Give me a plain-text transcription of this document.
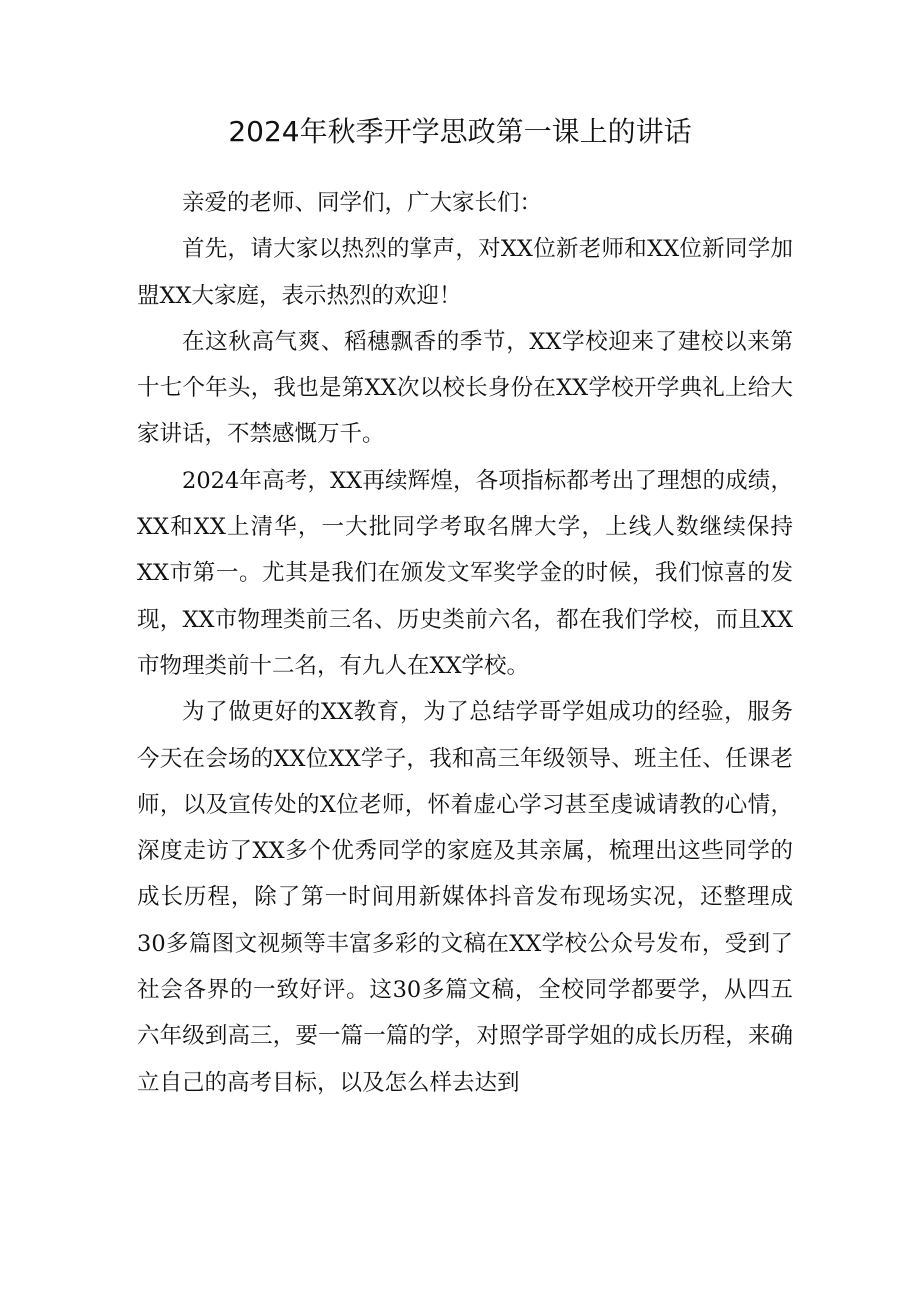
2024年秋季开学思政第一课上的讲话

亲爱的老师、同学们，广大家长们：

首先，请大家以热烈的掌声，对XX位新老师和XX位新同学加盟XX大家庭，表示热烈的欢迎！

在这秋高气爽、稻穗飘香的季节，XX学校迎来了建校以来第十七个年头，我也是第XX次以校长身份在XX学校开学典礼上给大家讲话，不禁感慨万千。

2024年高考，XX再续辉煌，各项指标都考出了理想的成绩，XX和XX上清华，一大批同学考取名牌大学，上线人数继续保持XX市第一。尤其是我们在颁发文军奖学金的时候，我们惊喜的发现，XX市物理类前三名、历史类前六名，都在我们学校，而且XX市物理类前十二名，有九人在XX学校。

为了做更好的XX教育，为了总结学哥学姐成功的经验，服务今天在会场的XX位XX学子，我和高三年级领导、班主任、任课老师，以及宣传处的X位老师，怀着虚心学习甚至虔诚请教的心情，深度走访了XX多个优秀同学的家庭及其亲属，梳理出这些同学的成长历程，除了第一时间用新媒体抖音发布现场实况，还整理成30多篇图文视频等丰富多彩的文稿在XX学校公众号发布，受到了社会各界的一致好评。这30多篇文稿，全校同学都要学，从四五六年级到高三，要一篇一篇的学，对照学哥学姐的成长历程，来确立自己的高考目标，以及怎么样去达到
